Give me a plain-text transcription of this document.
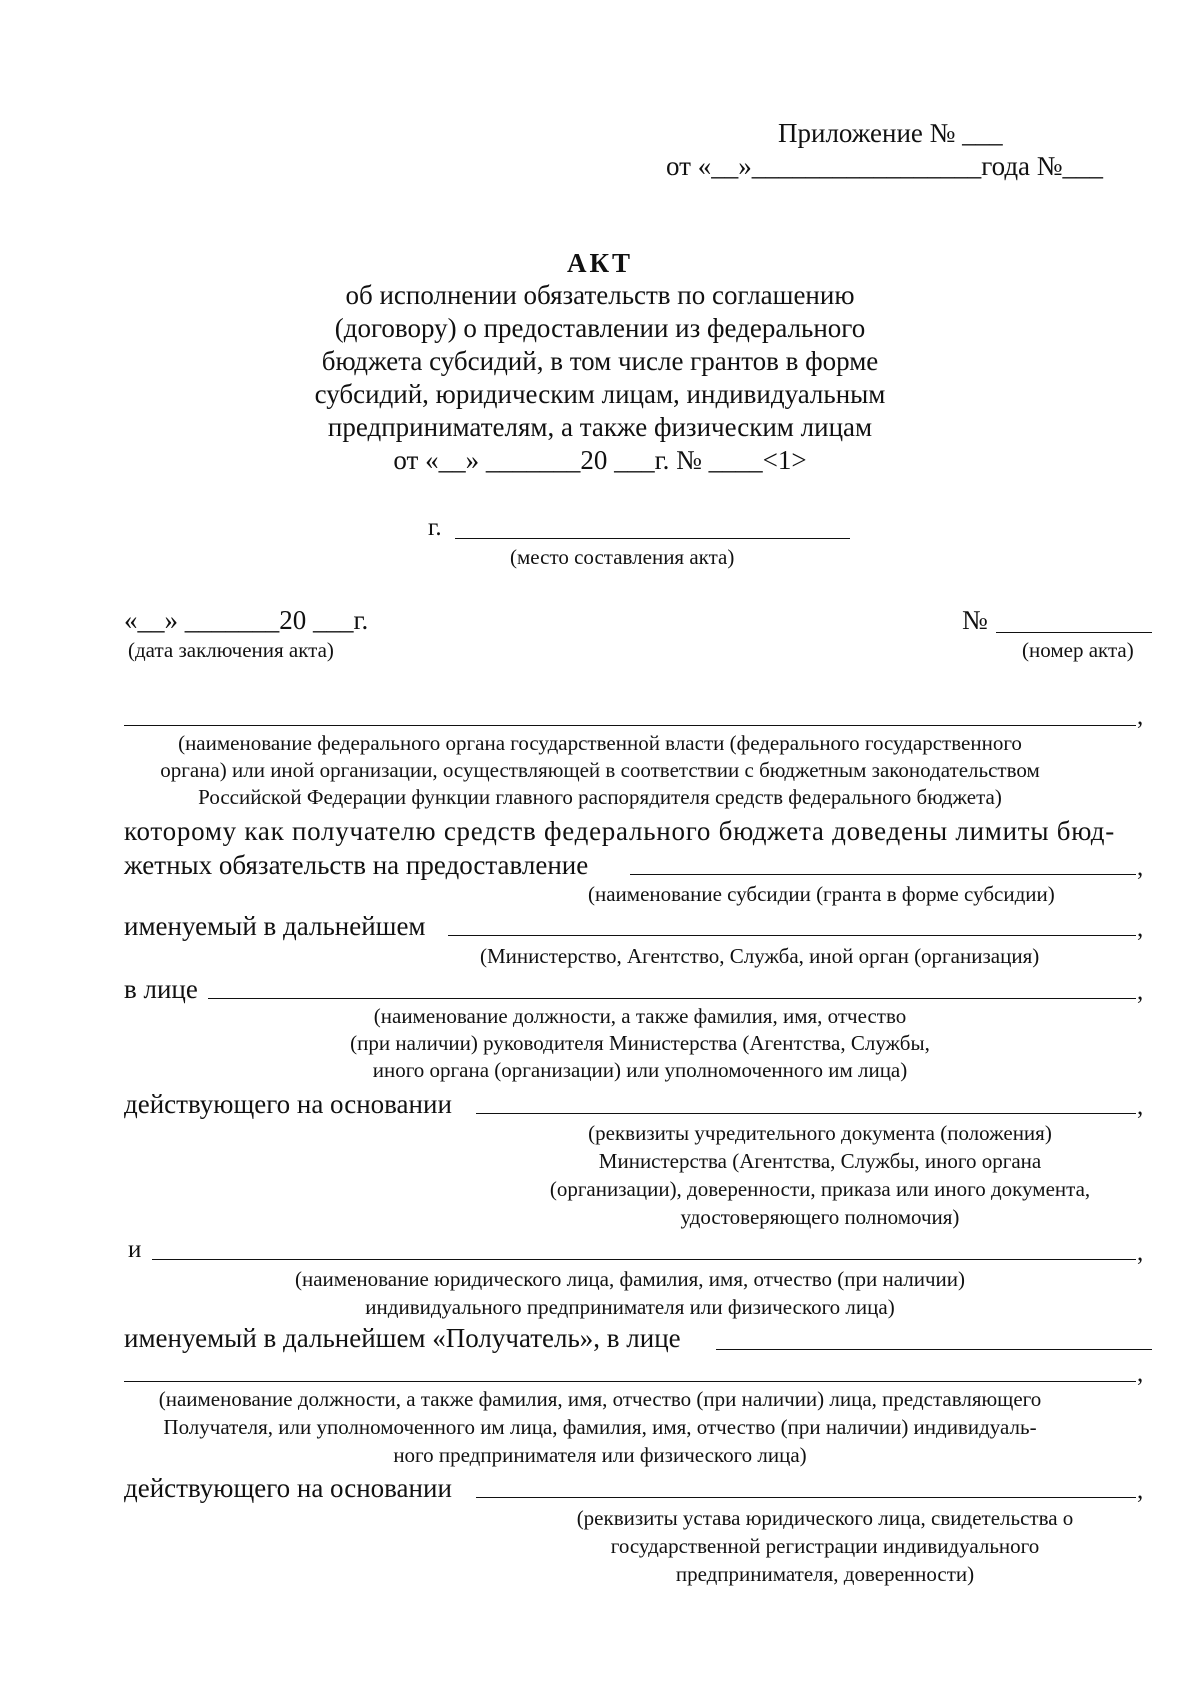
Приложение № ___
от «__»_________________года №___
АКТ
об исполнении обязательств по соглашению
(договору) о предоставлении из федерального
бюджета субсидий, в том числе грантов в форме
субсидий, юридическим лицам, индивидуальным
предпринимателям, а также физическим лицам
от «__» _______20 ___г. № ____<1>
г.
(место составления акта)
«__» _______20 ___г.
(дата заключения акта)
№
(номер акта)
,
(наименование федерального органа государственной власти (федерального государственного
органа) или иной организации, осуществляющей в соответствии с бюджетным законодательством
Российской Федерации функции главного распорядителя средств федерального бюджета)
которому как получателю средств федерального бюджета доведены лимиты бюд-
жетных обязательств на предоставление	,
(наименование субсидии (гранта в форме субсидии)
именуемый в дальнейшем	,
(Министерство, Агентство, Служба, иной орган (организация)
в лице	,
(наименование должности, а также фамилия, имя, отчество
(при наличии) руководителя Министерства (Агентства, Службы,
иного органа (организации) или уполномоченного им лица)
действующего на основании	,
(реквизиты учредительного документа (положения)
Министерства (Агентства, Службы, иного органа
(организации), доверенности, приказа или иного документа,
удостоверяющего полномочия)
и	,
(наименование юридического лица, фамилия, имя, отчество (при наличии)
индивидуального предпринимателя или физического лица)
именуемый в дальнейшем «Получатель», в лице
,
(наименование должности, а также фамилия, имя, отчество (при наличии) лица, представляющего
Получателя, или уполномоченного им лица, фамилия, имя, отчество (при наличии) индивидуаль-
ного предпринимателя или физического лица)
действующего на основании	,
(реквизиты устава юридического лица, свидетельства о
государственной регистрации индивидуального
предпринимателя, доверенности)
